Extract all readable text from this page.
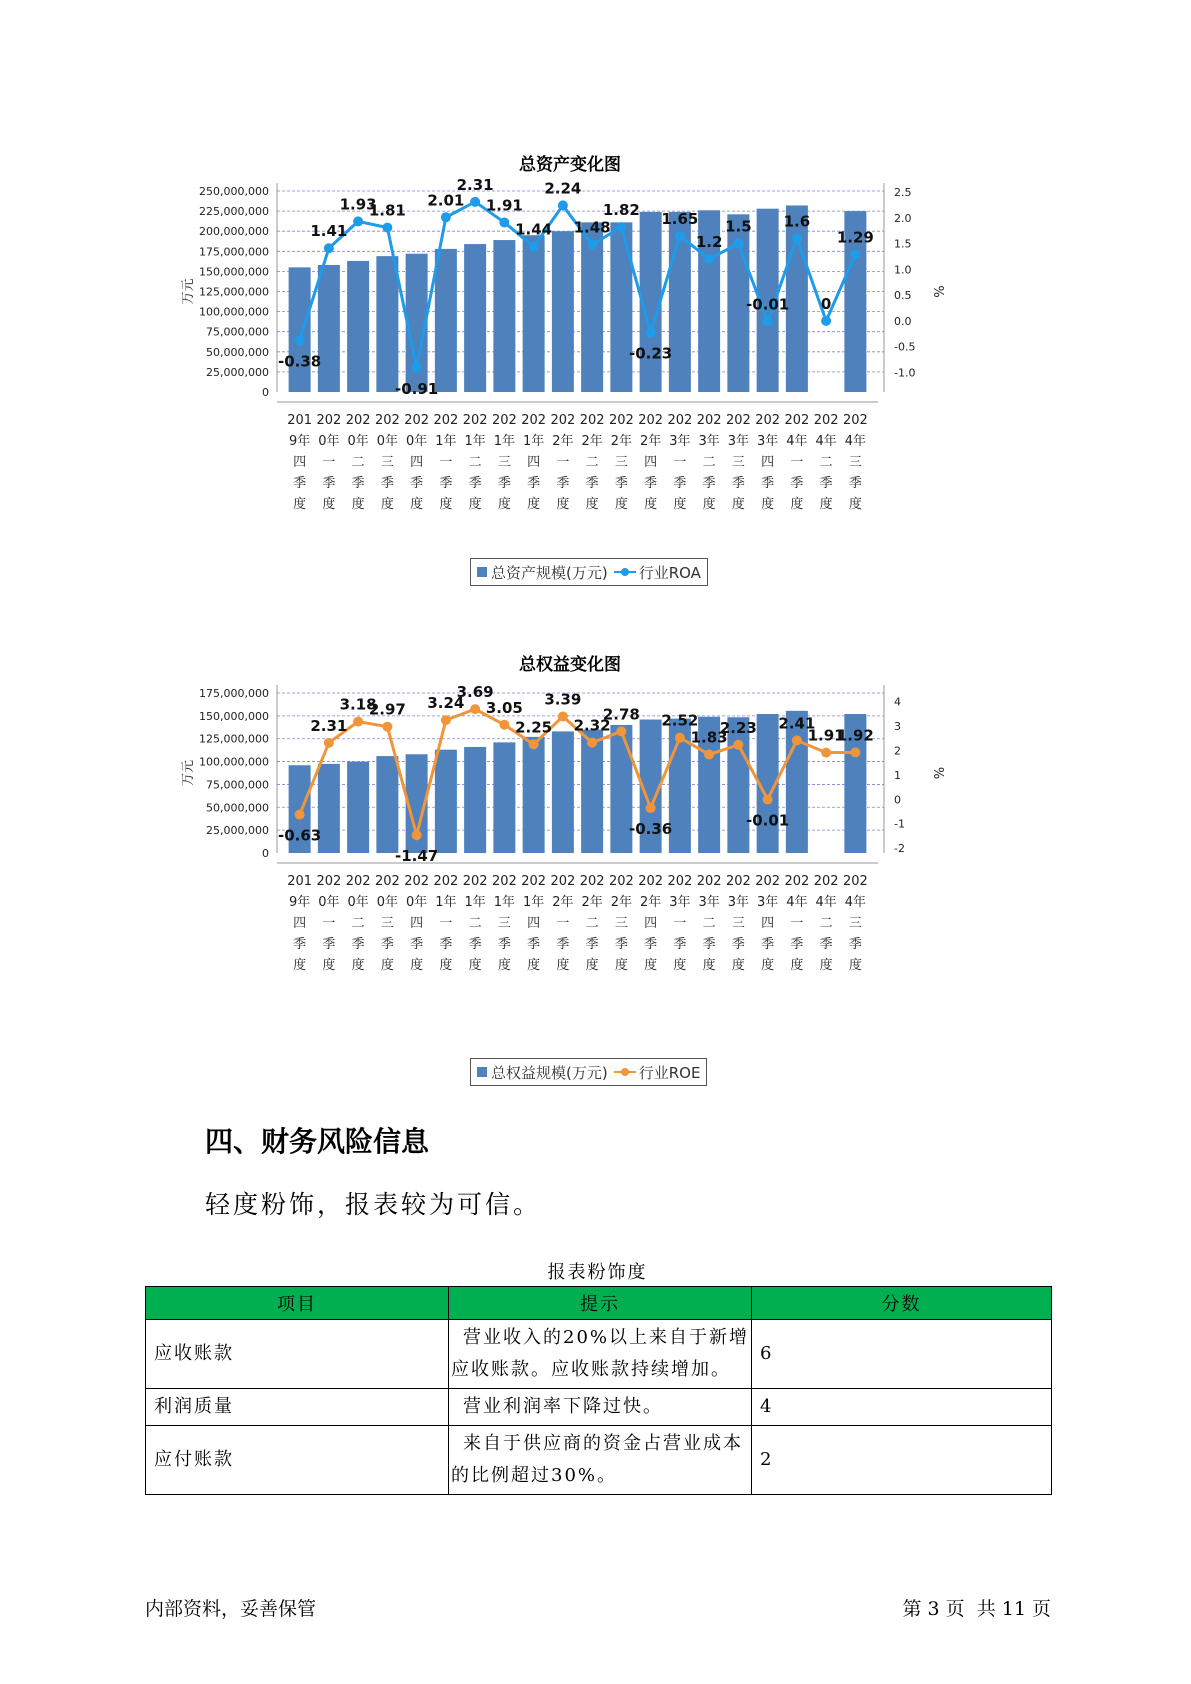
总资产变化图
0
25,000,000
50,000,000
75,000,000
100,000,000
125,000,000
150,000,000
175,000,000
200,000,000
225,000,000
250,000,000
-1.0
-0.5
0.0
0.5
1.0
1.5
2.0
2.5
万元	%
-0.38
1.41
1.93
1.81
-0.91
2.01
2.31
1.91
1.44
2.24
1.48
1.82
-0.23
1.65
1.2
1.5
-0.01
1.6
0
1.29
201
9年
四
季
度
202
0年
一
季
度
202
0年
二
季
度
202
0年
三
季
度
202
0年
四
季
度
202
1年
一
季
度
202
1年
二
季
度
202
1年
三
季
度
202
1年
四
季
度
202
2年
一
季
度
202
2年
二
季
度
202
2年
三
季
度
202
2年
四
季
度
202
3年
一
季
度
202
3年
二
季
度
202
3年
三
季
度
202
3年
四
季
度
202
4年
一
季
度
202
4年
二
季
度
202
4年
三
季
度
总资产规模(万元) 行业ROA
总权益变化图
0
25,000,000
50,000,000
75,000,000
100,000,000
125,000,000
150,000,000
175,000,000
-2
-1
0
1
2
3
4
万元	%
-0.63
2.31
3.18
2.97
-1.47
3.24
3.69
3.05
2.25
3.39
2.32
2.78
-0.36
2.52
1.83
2.23
-0.01
2.41
1.91
1.92
201
9年
四
季
度
202
0年
一
季
度
202
0年
二
季
度
202
0年
三
季
度
202
0年
四
季
度
202
1年
一
季
度
202
1年
二
季
度
202
1年
三
季
度
202
1年
四
季
度
202
2年
一
季
度
202
2年
二
季
度
202
2年
三
季
度
202
2年
四
季
度
202
3年
一
季
度
202
3年
二
季
度
202
3年
三
季
度
202
3年
四
季
度
202
4年
一
季
度
202
4年
二
季
度
202
4年
三
季
度
总权益规模(万元) 行业ROE
四、财务风险信息
轻度粉饰，报表较为可信。
报表粉饰度
项目	提示	分数
应收账款	营业收入的20%以上来自于新增应收账款。应收账款持续增加。	6
利润质量	营业利润率下降过快。	4
应付账款	来自于供应商的资金占营业成本的比例超过30%。	2
内部资料，妥善保管	第 3 页  共 11 页
